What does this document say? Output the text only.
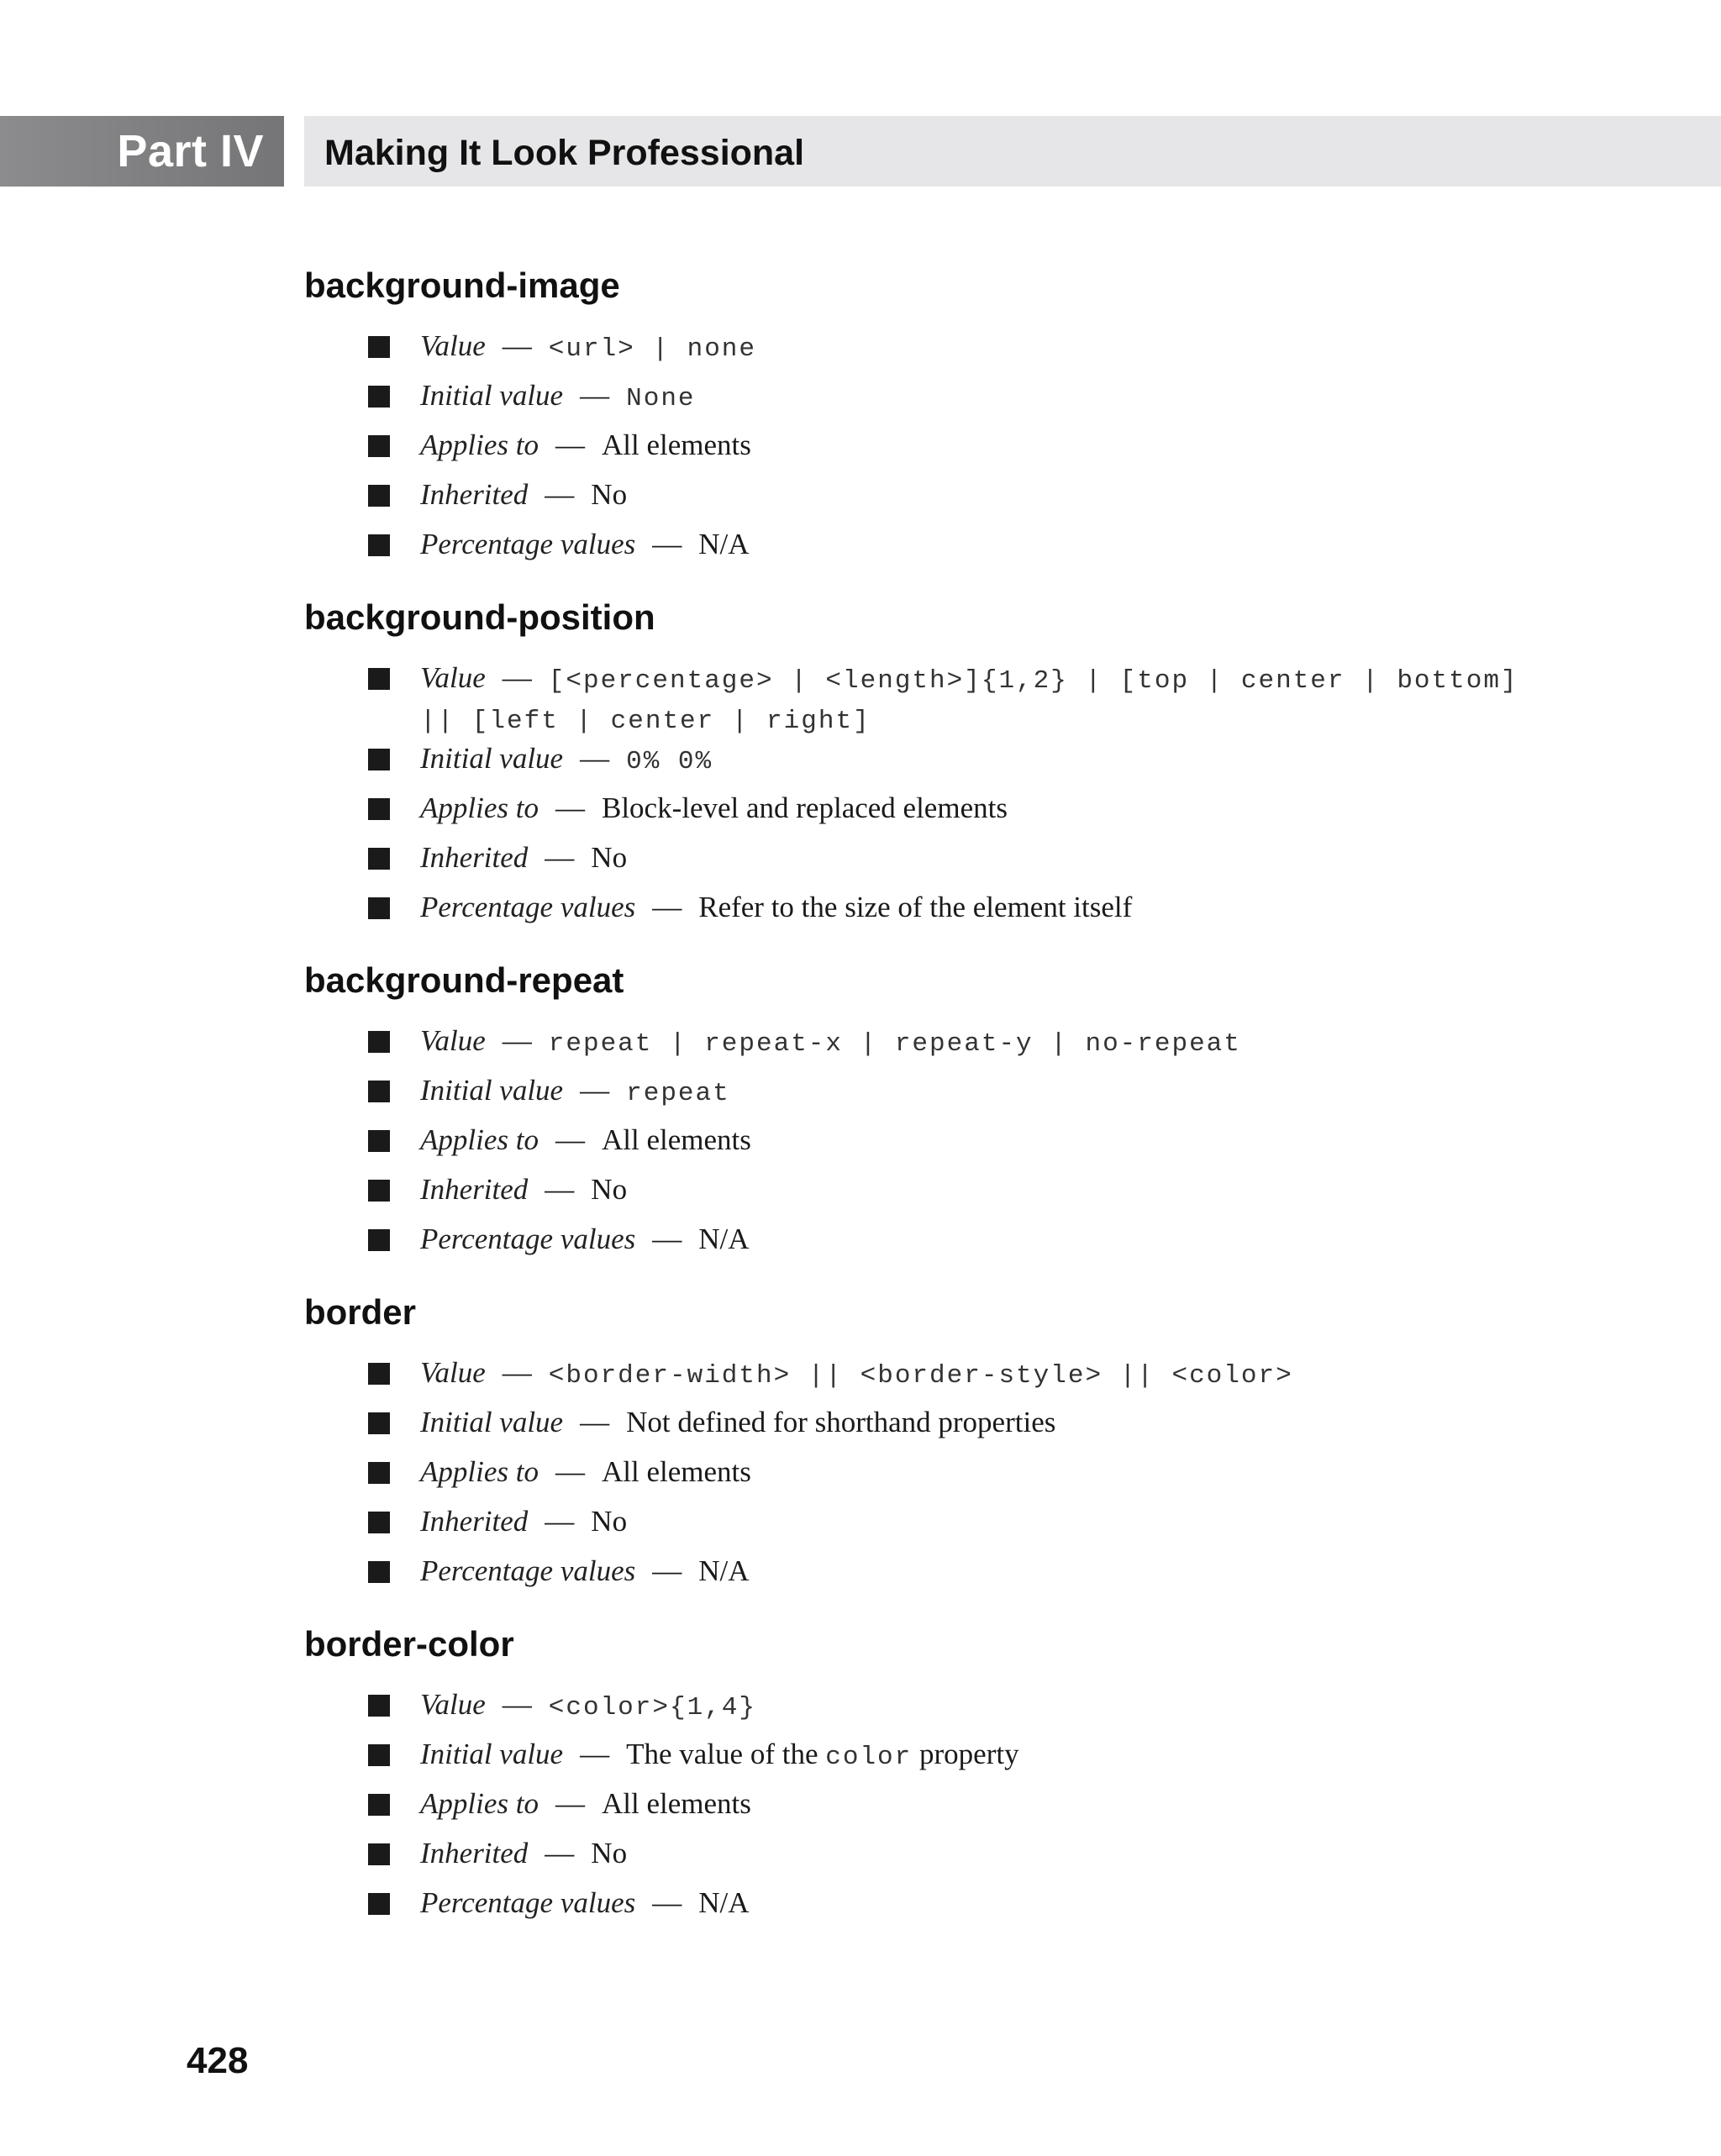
Part IV Making It Look Professional
background-image
Value — <url> | none
Initial value — None
Applies to — All elements
Inherited — No
Percentage values — N/A
background-position
Value — [<percentage> | <length>]{1,2} | [top | center | bottom] || [left | center | right]
Initial value — 0% 0%
Applies to — Block-level and replaced elements
Inherited — No
Percentage values — Refer to the size of the element itself
background-repeat
Value — repeat | repeat-x | repeat-y | no-repeat
Initial value — repeat
Applies to — All elements
Inherited — No
Percentage values — N/A
border
Value — <border-width> || <border-style> || <color>
Initial value — Not defined for shorthand properties
Applies to — All elements
Inherited — No
Percentage values — N/A
border-color
Value — <color>{1,4}
Initial value — The value of the color property
Applies to — All elements
Inherited — No
Percentage values — N/A
428
